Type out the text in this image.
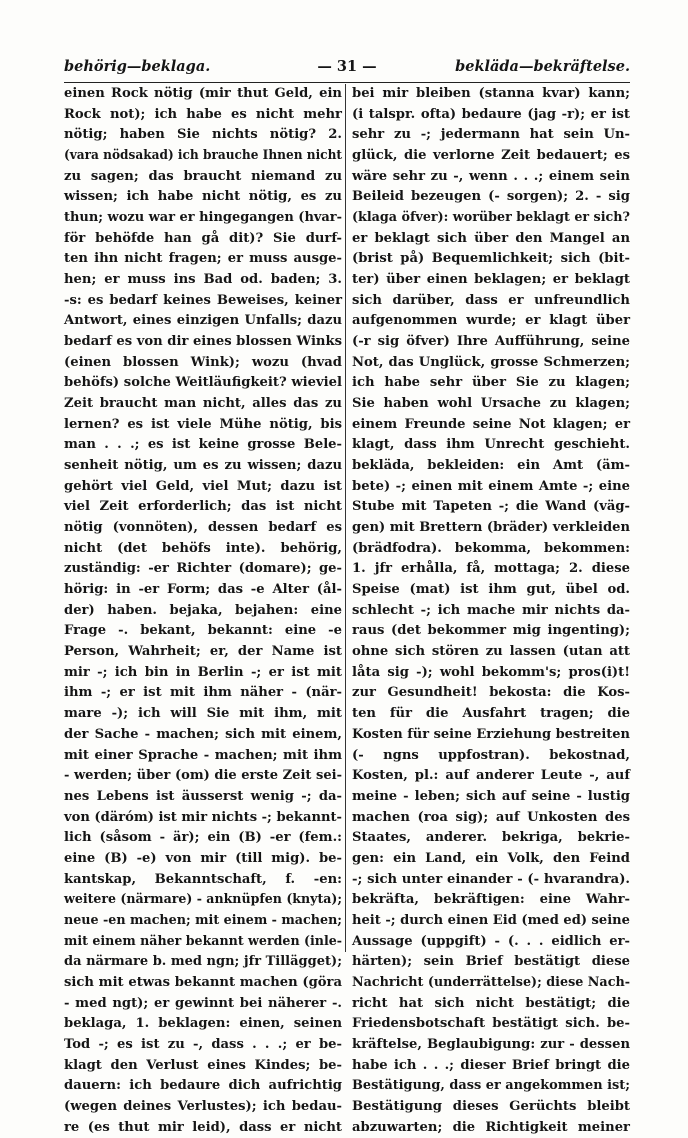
behörig—beklaga.	— 31 —	bekläda—bekräftelse.
einen Rock nötig (mir thut Geld, ein
Rock not); ich habe es nicht mehr
nötig; haben Sie nichts nötig? 2.
(vara nödsakad) ich brauche Ihnen nicht
zu sagen; das braucht niemand zu
wissen; ich habe nicht nötig, es zu
thun; wozu war er hingegangen (hvar-
för behöfde han gå dit)? Sie durf-
ten ihn nicht fragen; er muss ausge-
hen; er muss ins Bad od. baden; 3.
-s: es bedarf keines Beweises, keiner
Antwort, eines einzigen Unfalls; dazu
bedarf es von dir eines blossen Winks
(einen blossen Wink); wozu (hvad
behöfs) solche Weitläufigkeit? wieviel
Zeit braucht man nicht, alles das zu
lernen? es ist viele Mühe nötig, bis
man . . .; es ist keine grosse Bele-
senheit nötig, um es zu wissen; dazu
gehört viel Geld, viel Mut; dazu ist
viel Zeit erforderlich; das ist nicht
nötig (vonnöten), dessen bedarf es
nicht (det behöfs inte). behörig,
zuständig: -er Richter (domare); ge-
hörig: in -er Form; das -e Alter (ål-
der) haben. bejaka, bejahen: eine
Frage -. bekant, bekannt: eine -e
Person, Wahrheit; er, der Name ist
mir -; ich bin in Berlin -; er ist mit
ihm -; er ist mit ihm näher - (när-
mare -); ich will Sie mit ihm, mit
der Sache - machen; sich mit einem,
mit einer Sprache - machen; mit ihm
- werden; über (om) die erste Zeit sei-
nes Lebens ist äusserst wenig -; da-
von (däróm) ist mir nichts -; bekannt-
lich (såsom - är); ein (B) -er (fem.:
eine (B) -e) von mir (till mig). be-
kantskap, Bekanntschaft, f. -en:
weitere (närmare) - anknüpfen (knyta);
neue -en machen; mit einem - machen;
mit einem näher bekannt werden (inle-
da närmare b. med ngn; jfr Tillägget);
sich mit etwas bekannt machen (göra
- med ngt); er gewinnt bei näherer -.
beklaga, 1. beklagen: einen, seinen
Tod -; es ist zu -, dass . . .; er be-
klagt den Verlust eines Kindes; be-
dauern: ich bedaure dich aufrichtig
(wegen deines Verlustes); ich bedau-
re (es thut mir leid), dass er nicht
bei mir bleiben (stanna kvar) kann;
(i talspr. ofta) bedaure (jag -r); er ist
sehr zu -; jedermann hat sein Un-
glück, die verlorne Zeit bedauert; es
wäre sehr zu -, wenn . . .; einem sein
Beileid bezeugen (- sorgen); 2. - sig
(klaga öfver): worüber beklagt er sich?
er beklagt sich über den Mangel an
(brist på) Bequemlichkeit; sich (bit-
ter) über einen beklagen; er beklagt
sich darüber, dass er unfreundlich
aufgenommen wurde; er klagt über
(-r sig öfver) Ihre Aufführung, seine
Not, das Unglück, grosse Schmerzen;
ich habe sehr über Sie zu klagen;
Sie haben wohl Ursache zu klagen;
einem Freunde seine Not klagen; er
klagt, dass ihm Unrecht geschieht.
bekläda, bekleiden: ein Amt (äm-
bete) -; einen mit einem Amte -; eine
Stube mit Tapeten -; die Wand (väg-
gen) mit Brettern (bräder) verkleiden
(brädfodra). bekomma, bekommen:
1. jfr erhålla, få, mottaga; 2. diese
Speise (mat) ist ihm gut, übel od.
schlecht -; ich mache mir nichts da-
raus (det bekommer mig ingenting);
ohne sich stören zu lassen (utan att
låta sig -); wohl bekomm's; pros(i)t!
zur Gesundheit! bekosta: die Kos-
ten für die Ausfahrt tragen; die
Kosten für seine Erziehung bestreiten
(- ngns uppfostran). bekostnad,
Kosten, pl.: auf anderer Leute -, auf
meine - leben; sich auf seine - lustig
machen (roa sig); auf Unkosten des
Staates, anderer. bekriga, bekrie-
gen: ein Land, ein Volk, den Feind
-; sich unter einander - (- hvarandra).
bekräfta, bekräftigen: eine Wahr-
heit -; durch einen Eid (med ed) seine
Aussage (uppgift) - (. . . eidlich er-
härten); sein Brief bestätigt diese
Nachricht (underrättelse); diese Nach-
richt hat sich nicht bestätigt; die
Friedensbotschaft bestätigt sich. be-
kräftelse, Beglaubigung: zur - dessen
habe ich . . .; dieser Brief bringt die
Bestätigung, dass er angekommen ist;
Bestätigung dieses Gerüchts bleibt
abzuwarten; die Richtigkeit meiner
